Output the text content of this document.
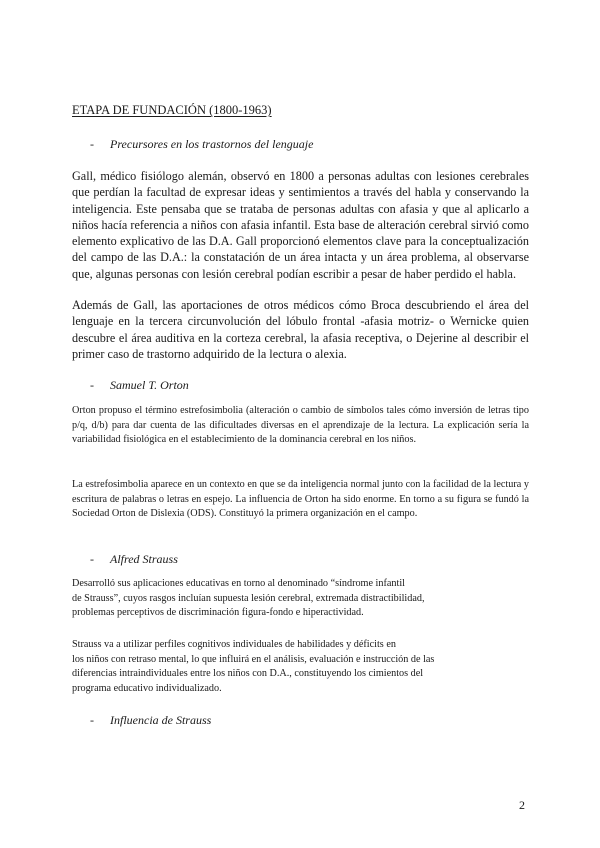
ETAPA DE FUNDACIÓN (1800-1963)
- Precursores en los trastornos del lenguaje

Gall, médico fisiólogo alemán, observó en 1800 a personas adultas con lesiones cerebrales que perdían la facultad de expresar ideas y sentimientos a través del habla y conservando la inteligencia. Este pensaba que se trataba de personas adultas con afasia y que al aplicarlo a niños hacía referencia a niños con afasia infantil. Esta base de alteración cerebral sirvió como elemento explicativo de las D.A. Gall proporcionó elementos clave para la conceptualización del campo de las D.A.: la constatación de un área intacta y un área problema, al observarse que, algunas personas con lesión cerebral podían escribir a pesar de haber perdido el habla.

Además de Gall, las aportaciones de otros médicos cómo Broca descubriendo el área del lenguaje en la tercera circunvolución del lóbulo frontal -afasia motriz- o Wernicke quien descubre el área auditiva en la corteza cerebral, la afasia receptiva, o Dejerine al describir el primer caso de trastorno adquirido de la lectura o alexia.

- Samuel T. Orton

Orton propuso el término estrefosimbolia (alteración o cambio de símbolos tales cómo inversión de letras tipo p/q, d/b) para dar cuenta de las dificultades diversas en el aprendizaje de la lectura. La explicación sería la variabilidad fisiológica en el establecimiento de la dominancia cerebral en los niños.

La estrefosimbolia aparece en un contexto en que se da inteligencia normal junto con la facilidad de la lectura y escritura de palabras o letras en espejo. La influencia de Orton ha sido enorme. En torno a su figura se fundó la Sociedad Orton de Dislexia (ODS). Constituyó la primera organización en el campo.

- Alfred Strauss
Desarrolló sus aplicaciones educativas en torno al denominado “síndrome infantil
de Strauss”, cuyos rasgos incluían supuesta lesión cerebral, extremada distractibilidad,
problemas perceptivos de discriminación figura-fondo e hiperactividad.
Strauss va a utilizar perfiles cognitivos individuales de habilidades y déficits en
los niños con retraso mental, lo que influirá en el análisis, evaluación e instrucción de las
diferencias intraindividuales entre los niños con D.A., constituyendo los cimientos del
programa educativo individualizado.
- Influencia de Strauss
2
